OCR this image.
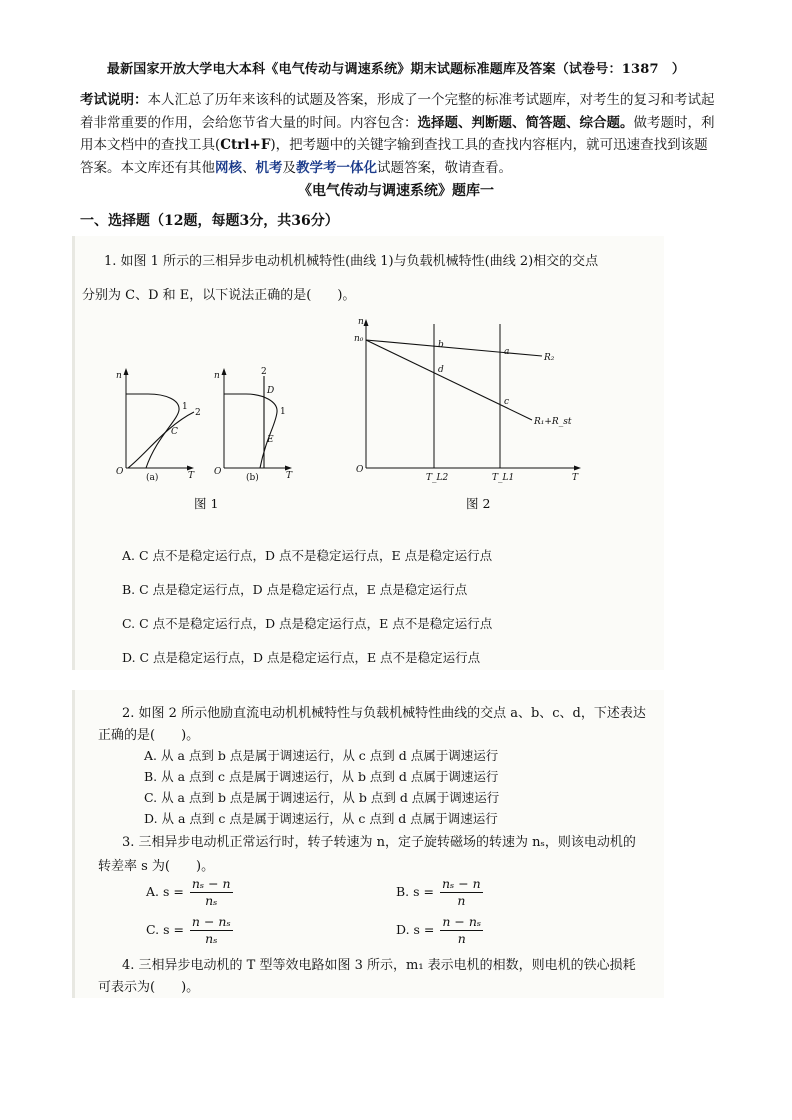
最新国家开放大学电大本科《电气传动与调速系统》期末试题标准题库及答案（试卷号：1387　）
考试说明：本人汇总了历年来该科的试题及答案，形成了一个完整的标准考试题库，对考生的复习和考试起着非常重要的作用，会给您节省大量的时间。内容包含：选择题、判断题、简答题、综合题。做考题时，利用本文档中的查找工具(Ctrl+F)，把考题中的关键字输到查找工具的查找内容框内，就可迅速查找到该题答案。本文库还有其他网核、机考及教学考一体化试题答案，敬请查看。
《电气传动与调速系统》题库一
一、选择题（12题，每题3分，共36分）
1. 如图 1 所示的三相异步电动机机械特性(曲线 1)与负载机械特性(曲线 2)相交的交点
分别为 C、D 和 E，以下说法正确的是(　　)。
n
O	T
1
2
C
(a)
n
O	T
2
1
D
E
(b)
图 1
n
n₀
O
T
b
a
d
c
R₂
R₁+R_st
T_L2	T_L1
图 2
A. C 点不是稳定运行点，D 点不是稳定运行点，E 点是稳定运行点
B. C 点是稳定运行点，D 点是稳定运行点，E 点是稳定运行点
C. C 点不是稳定运行点，D 点是稳定运行点，E 点不是稳定运行点
D. C 点是稳定运行点，D 点是稳定运行点，E 点不是稳定运行点
2. 如图 2 所示他励直流电动机机械特性与负载机械特性曲线的交点 a、b、c、d，下述表达
正确的是(　　)。
A. 从 a 点到 b 点是属于调速运行，从 c 点到 d 点属于调速运行
B. 从 a 点到 c 点是属于调速运行，从 b 点到 d 点属于调速运行
C. 从 a 点到 b 点是属于调速运行，从 b 点到 d 点属于调速运行
D. 从 a 点到 c 点是属于调速运行，从 c 点到 d 点属于调速运行
3. 三相异步电动机正常运行时，转子转速为 n，定子旋转磁场的转速为 nₛ，则该电动机的
转差率 s 为(　　)。
A. $s = \frac{\text{nₛ − n}}{\text{nₛ}}$	B. $s = \frac{\text{nₛ − n}}{n}$
C. $s = \frac{\text{n − nₛ}}{\text{nₛ}}$	D. $s = \frac{\text{n − nₛ}}{n}$
4. 三相异步电动机的 T 型等效电路如图 3 所示，m₁ 表示电机的相数，则电机的铁心损耗
可表示为(　　)。
